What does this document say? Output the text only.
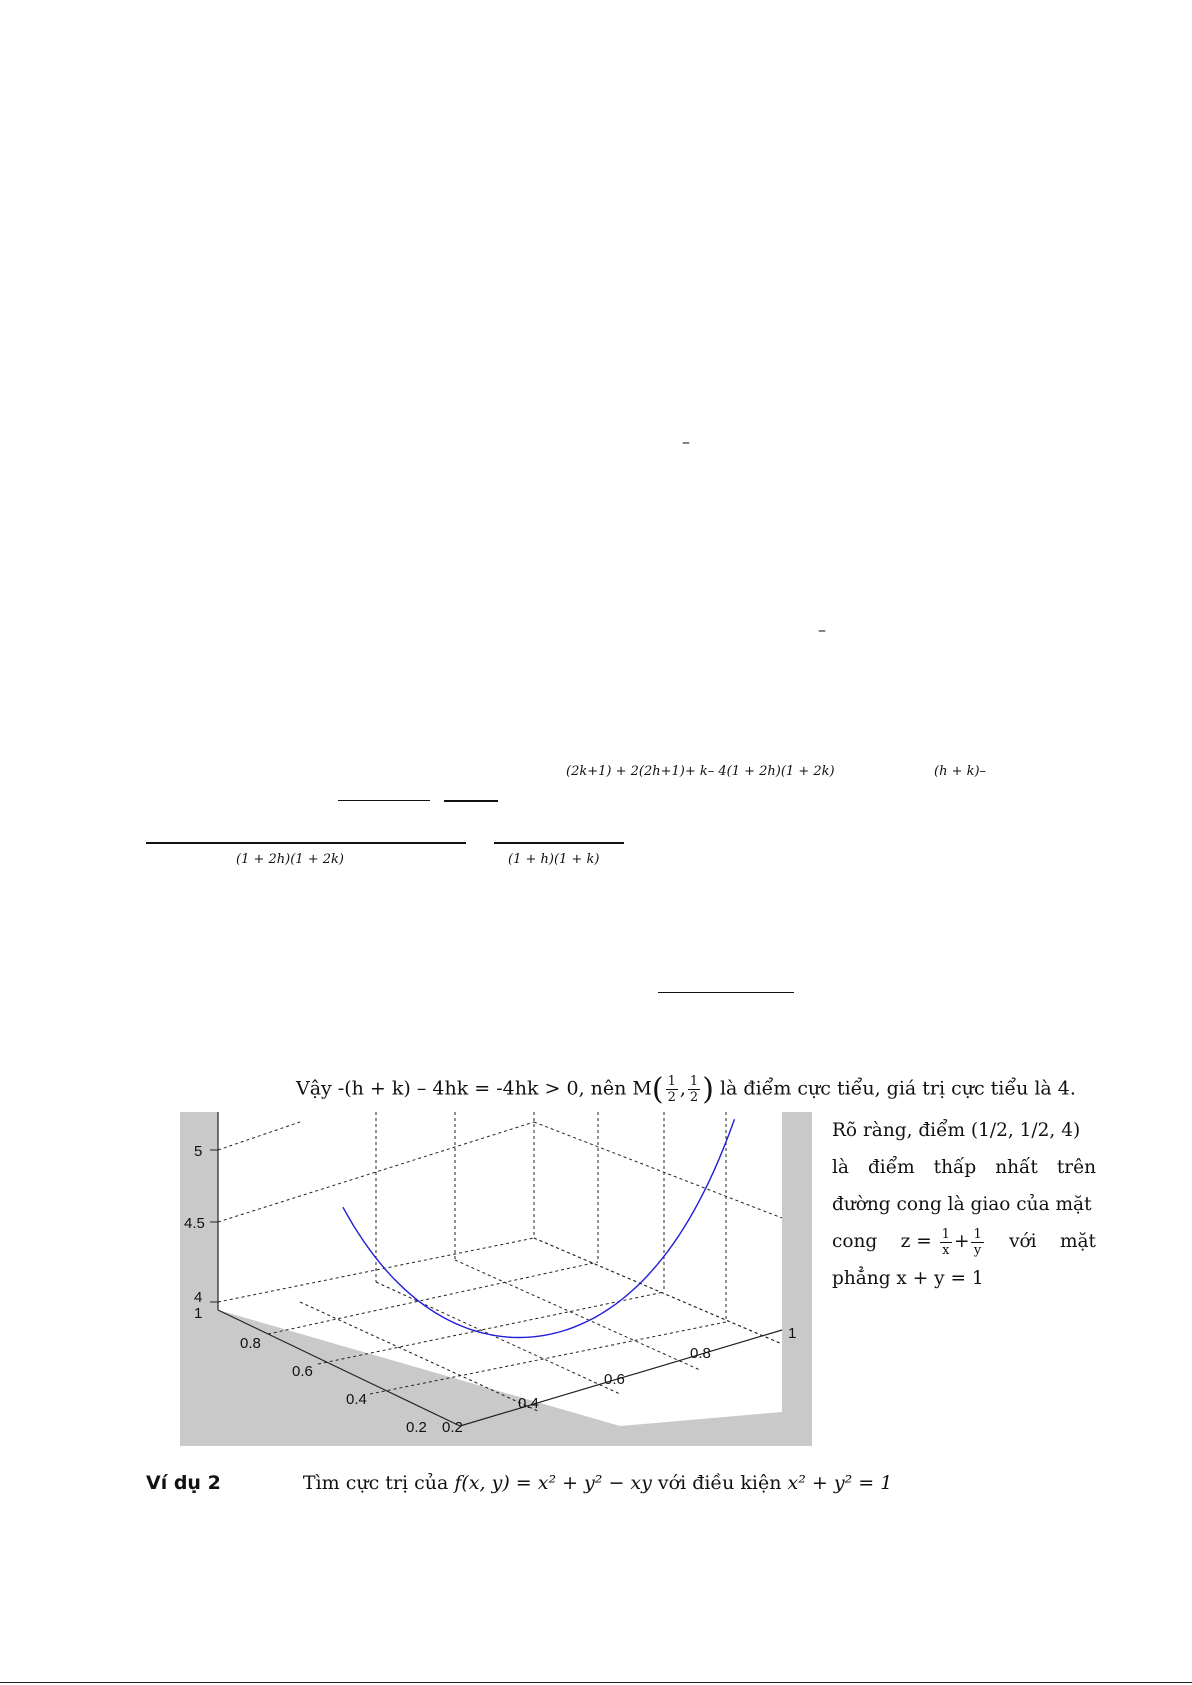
–
–
(2k+1) + 2(2h+1)+ k– 4(1 + 2h)(1 + 2k)	(h + k)–
(1 + 2h)(1 + 2k)	(1 + h)(1 + k)
Vậy -(h + k) – 4hk = -4hk > 0, nên $M( \frac{1}{2}$ , $\frac{1}{2}$ ) là điểm cực tiểu, giá trị cực tiểu là 4.
5
4.5
4
1
0.8
0.6
0.4
0.2 0.2
0.4
0.6
0.8
1

Rõ ràng, điểm (1/2, 1/2, 4)

là điểm thấp nhất trên

đường cong là giao của mặt

cong $z = \frac{1}{x} + \frac{1}{y}$ với mặt

phẳng x + y = 1

Ví dụ 2	Tìm cực trị của f(x, y) = x² + y² − xy với điều kiện x² + y² = 1
